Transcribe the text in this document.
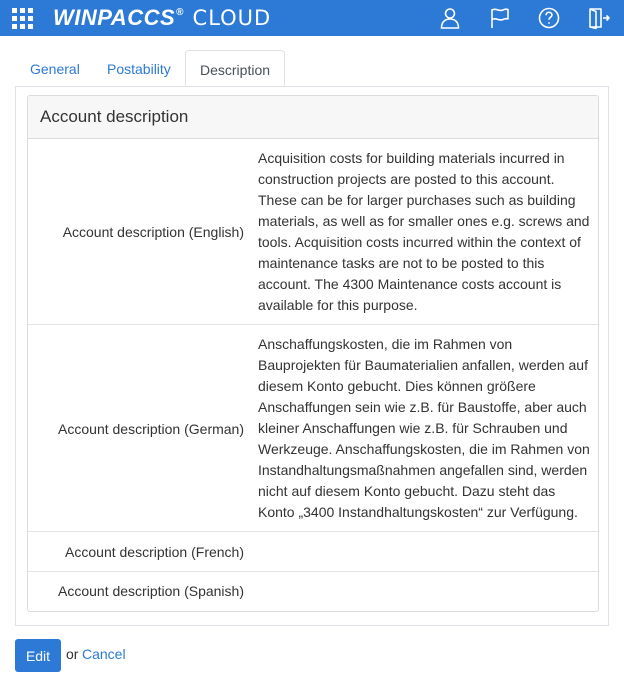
WINPACCS ® CLOUD
General Postability	Description
Account description
Account description (English)
Acquisition costs for building materials incurred in construction projects are posted to this account. These can be for larger purchases such as building materials, as well as for smaller ones e.g. screws and tools. Acquisition costs incurred within the context of maintenance tasks are not to be posted to this account. The 4300 Maintenance costs account is available for this purpose.
Account description (German)
Anschaffungskosten, die im Rahmen von Bauprojekten für Baumaterialien anfallen, werden auf diesem Konto gebucht. Dies können größere Anschaffungen sein wie z.B. für Baustoffe, aber auch kleiner Anschaffungen wie z.B. für Schrauben und Werkzeuge. Anschaffungskosten, die im Rahmen von Instandhaltungsmaßnahmen angefallen sind, werden nicht auf diesem Konto gebucht. Dazu steht das Konto „3400 Instandhaltungskosten“ zur Verfügung.
Account description (French)
Account description (Spanish)
Edit	or Cancel
